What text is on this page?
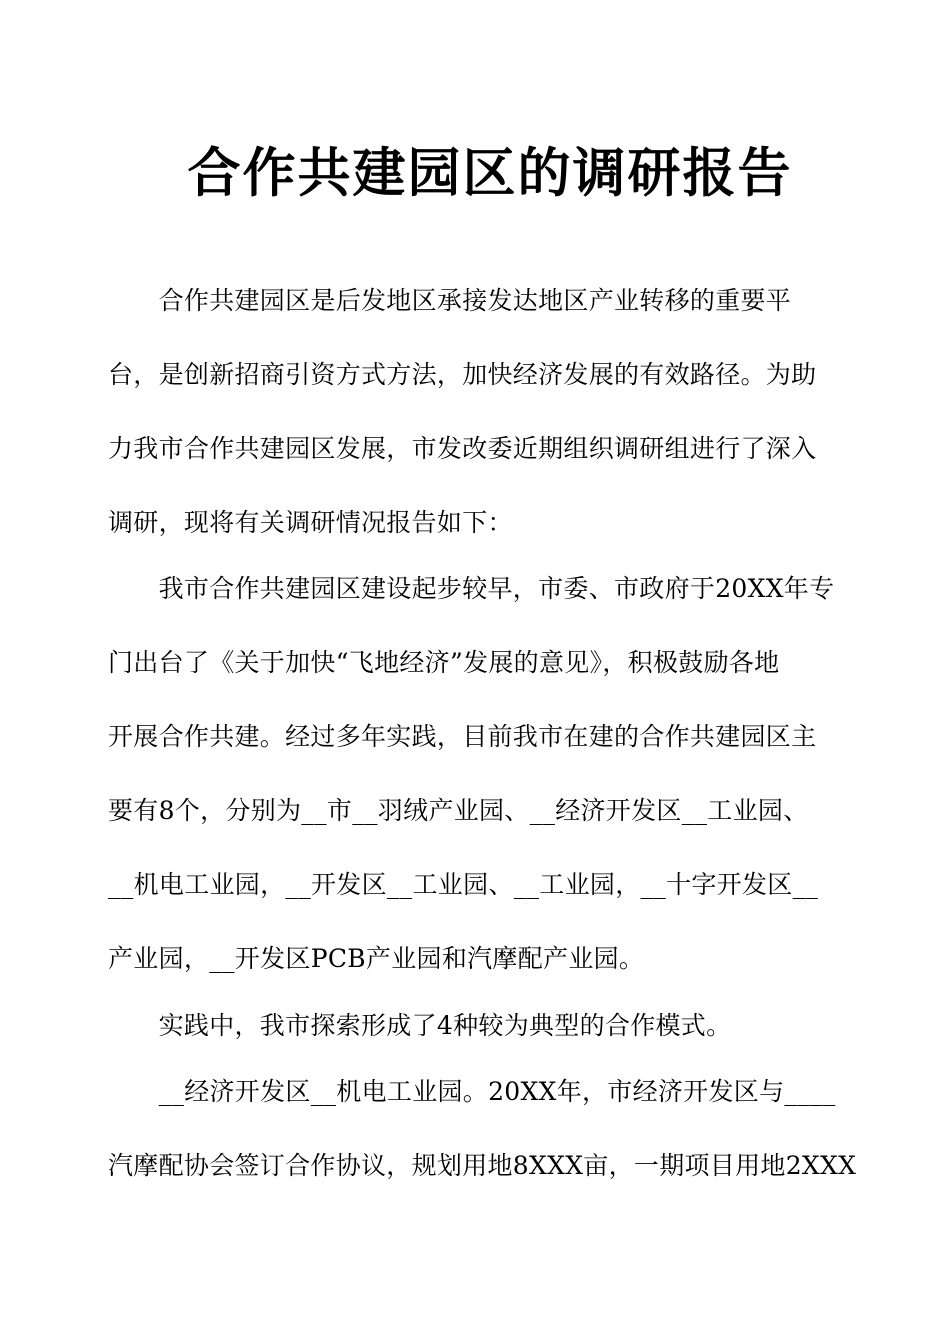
合作共建园区的调研报告
　　合作共建园区是后发地区承接发达地区产业转移的重要平
台，是创新招商引资方式方法，加快经济发展的有效路径。为助
力我市合作共建园区发展，市发改委近期组织调研组进行了深入
调研，现将有关调研情况报告如下：
　　我市合作共建园区建设起步较早，市委、市政府于20XX年专
门出台了《关于加快“飞地经济”发展的意见》，积极鼓励各地
开展合作共建。经过多年实践，目前我市在建的合作共建园区主
要有8个，分别为__市__羽绒产业园、__经济开发区__工业园、
__机电工业园，__开发区__工业园、__工业园，__十字开发区__
产业园，__开发区PCB产业园和汽摩配产业园。
　　实践中，我市探索形成了4种较为典型的合作模式。
　　__经济开发区__机电工业园。20XX年，市经济开发区与____
汽摩配协会签订合作协议，规划用地8XXX亩，一期项目用地2XXX
